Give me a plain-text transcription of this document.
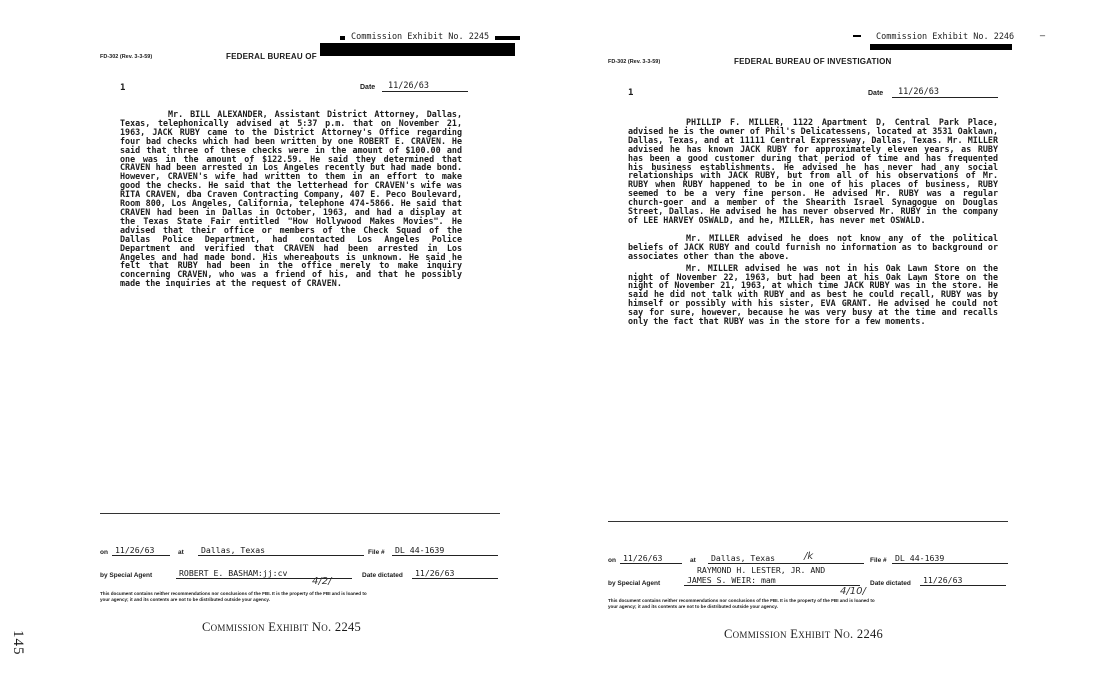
145
Commission Exhibit No. 2245
FD-302 (Rev. 3-3-59)	FEDERAL BUREAU OF
1	Date	11/26/63

Mr. BILL ALEXANDER, Assistant District Attorney, Dallas, Texas, telephonically advised at 5:37 p.m. that on November 21, 1963, JACK RUBY came to the District Attorney's Office regarding four bad checks which had been written by one ROBERT E. CRAVEN. He said that three of these checks were in the amount of $100.00 and one was in the amount of $122.59. He said they determined that CRAVEN had been arrested in Los Angeles recently but had made bond. However, CRAVEN's wife had written to them in an effort to make good the checks. He said that the letterhead for CRAVEN's wife was RITA CRAVEN, dba Craven Contracting Company, 407 E. Peco Boulevard, Room 800, Los Angeles, California, telephone 474-5866. He said that CRAVEN had been in Dallas in October, 1963, and had a display at the Texas State Fair entitled "How Hollywood Makes Movies". He advised that their office or members of the Check Squad of the Dallas Police Department, had contacted Los Angeles Police Department and verified that CRAVEN had been arrested in Los Angeles and had made bond. His whereabouts is unknown. He said he felt that RUBY had been in the office merely to make inquiry concerning CRAVEN, who was a friend of his, and that he possibly made the inquiries at the request of CRAVEN.

on 11/26/63	at	Dallas, Texas	File #	DL 44-1639
by Special Agent	ROBERT E. BASHAM:jj:cv
4/2/
Date dictated	11/26/63
This document contains neither recommendations nor conclusions of the FBI. It is the property of the FBI and is loaned to
your agency; it and its contents are not to be distributed outside your agency.
Commission Exhibit No. 2245
Commission Exhibit No. 2246	_
FD-302 (Rev. 3-3-59)	FEDERAL BUREAU OF INVESTIGATION
1	Date	11/26/63

PHILLIP F. MILLER, 1122 Apartment D, Central Park Place, advised he is the owner of Phil's Delicatessens, located at 3531 Oaklawn, Dallas, Texas, and at 11111 Central Expressway, Dallas, Texas. Mr. MILLER advised he has known JACK RUBY for approximately eleven years, as RUBY has been a good customer during that period of time and has frequented his business establishments. He advised he has never had any social relationships with JACK RUBY, but from all of his observations of Mr. RUBY when RUBY happened to be in one of his places of business, RUBY seemed to be a very fine person. He advised Mr. RUBY was a regular church-goer and a member of the Shearith Israel Synagogue on Douglas Street, Dallas. He advised he has never observed Mr. RUBY in the company of LEE HARVEY OSWALD, and he, MILLER, has never met OSWALD.

Mr. MILLER advised he does not know any of the political beliefs of JACK RUBY and could furnish no information as to background or associates other than the above.

Mr. MILLER advised he was not in his Oak Lawn Store on the night of November 22, 1963, but had been at his Oak Lawn Store on the night of November 21, 1963, at which time JACK RUBY was in the store. He said he did not talk with RUBY and as best he could recall, RUBY was by himself or possibly with his sister, EVA GRANT. He advised he could not say for sure, however, because he was very busy at the time and recalls only the fact that RUBY was in the store for a few moments.

on 11/26/63	at	Dallas, Texas	/k	File #	DL 44-1639
RAYMOND H. LESTER, JR. AND
by Special Agent	JAMES S. WEIR: mam
4/10/
Date dictated	11/26/63
This document contains neither recommendations nor conclusions of the FBI. It is the property of the FBI and is loaned to
your agency; it and its contents are not to be distributed outside your agency.
Commission Exhibit No. 2246
